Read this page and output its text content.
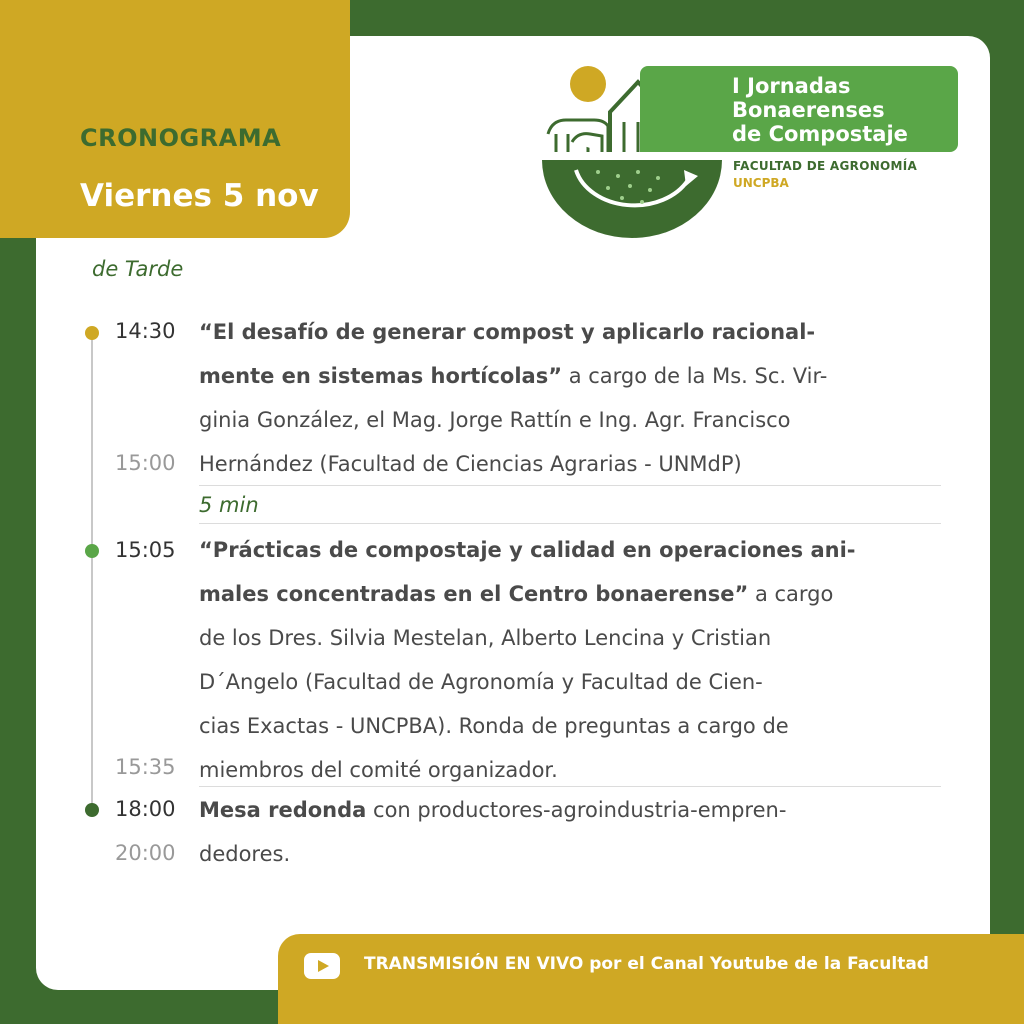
CRONOGRAMA
Viernes 5 nov
I Jornadas
Bonaerenses
de Compostaje
FACULTAD DE AGRONOMÍA
UNCPBA
de Tarde
14:30
15:00
“El desafío de generar compost y aplicarlo racional-
mente en sistemas hortícolas” a cargo de la Ms. Sc. Vir-
ginia González, el Mag. Jorge Rattín e Ing. Agr. Francisco
Hernández (Facultad de Ciencias Agrarias - UNMdP)
5 min
15:05
15:35
“Prácticas de compostaje y calidad en operaciones ani-
males concentradas en el Centro bonaerense” a cargo
de los Dres. Silvia Mestelan, Alberto Lencina y Cristian
D´Angelo (Facultad de Agronomía y Facultad de Cien-
cias Exactas - UNCPBA). Ronda de preguntas a cargo de
miembros del comité organizador.
18:00
20:00
Mesa redonda con productores-agroindustria-empren-
dedores.
TRANSMISIÓN EN VIVO por el Canal Youtube de la Facultad
